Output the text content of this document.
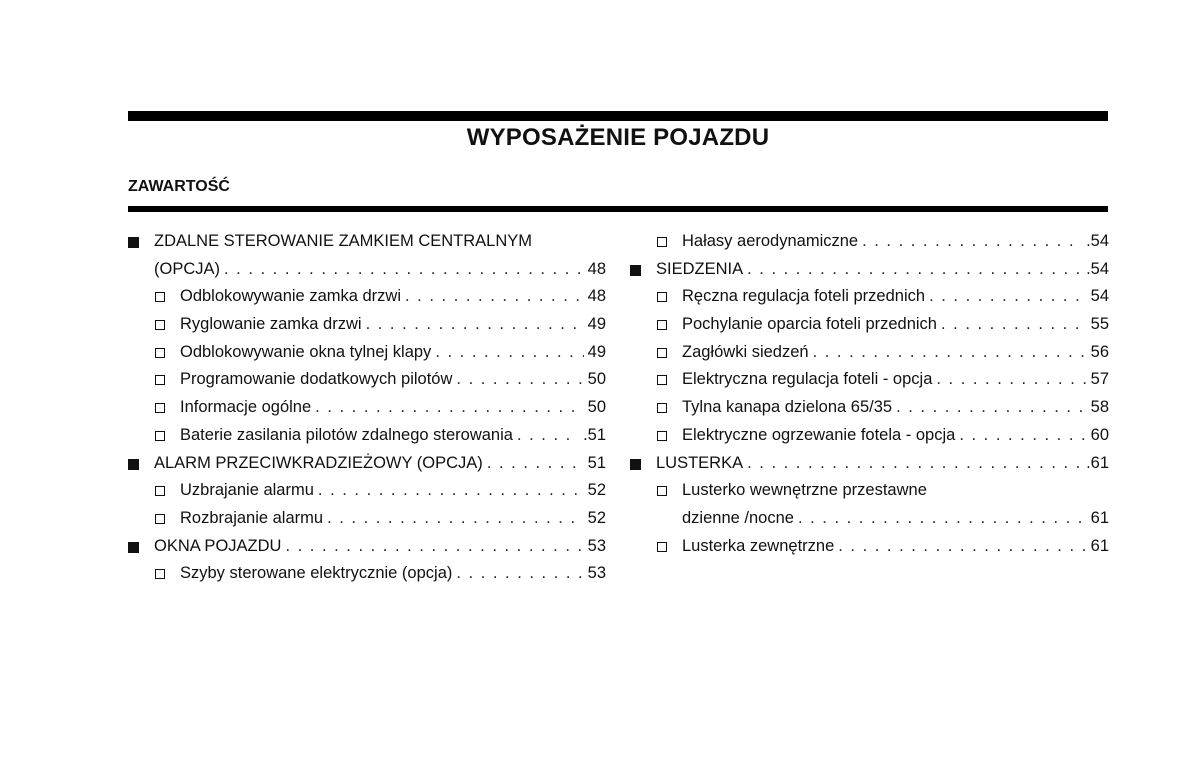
WYPOSAŻENIE POJAZDU
ZAWARTOŚĆ
ZDALNE STEROWANIE ZAMKIEM CENTRALNYM
(OPCJA) . . .	48
Odblokowywanie zamka drzwi . . .	48
Ryglowanie zamka drzwi . . .	49
Odblokowywanie okna tylnej klapy . . .	49
Programowanie dodatkowych pilotów . . .	50
Informacje ogólne . . .	50
Baterie zasilania pilotów zdalnego sterowania . . .	.51
ALARM PRZECIWKRADZIEŻOWY (OPCJA) . . .	51
Uzbrajanie alarmu . . .	52
Rozbrajanie alarmu . . .	52
OKNA POJAZDU . . .	53
Szyby sterowane elektrycznie (opcja) . . .	53
Hałasy aerodynamiczne . . .	.54
SIEDZENIA . . .	.54
Ręczna regulacja foteli przednich . . .	54
Pochylanie oparcia foteli przednich . . .	55
Zagłówki siedzeń . . .	56
Elektryczna regulacja foteli - opcja . . .	57
Tylna kanapa dzielona 65/35 . . .	58
Elektryczne ogrzewanie fotela - opcja . . .	60
LUSTERKA . . .	.61
Lusterko wewnętrzne przestawne
dzienne /nocne . . .	61
Lusterka zewnętrzne . . .	61
